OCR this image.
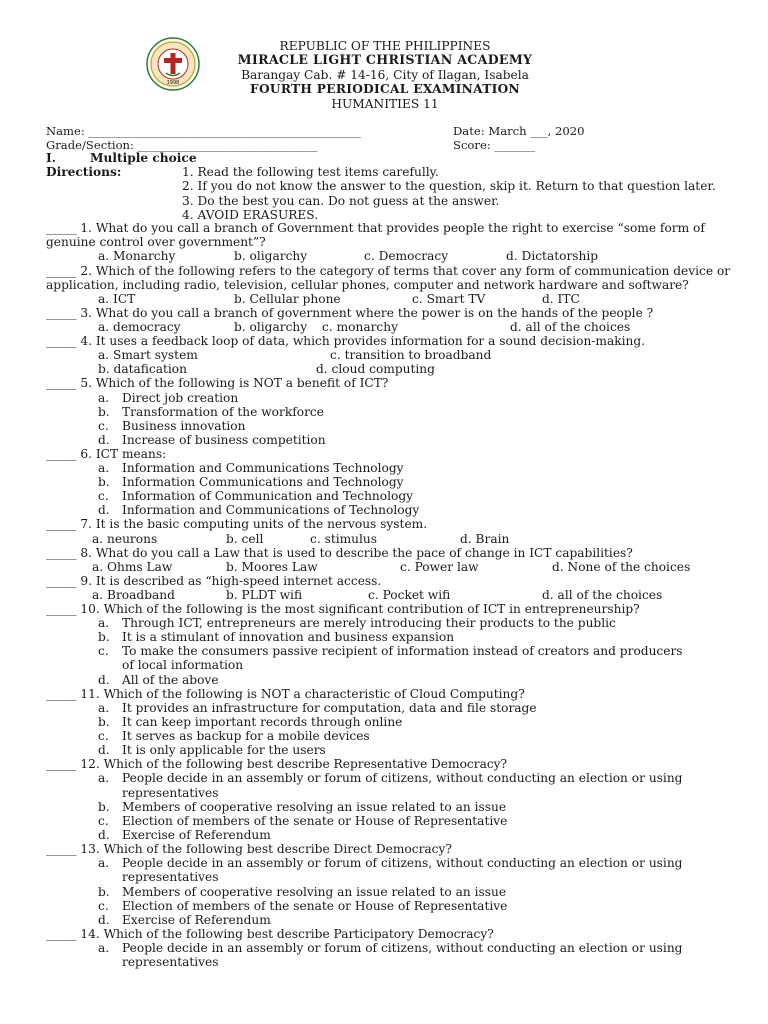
1998
REPUBLIC OF THE PHILIPPINES
MIRACLE LIGHT CHRISTIAN ACADEMY
Barangay Cab. # 14-16, City of Ilagan, Isabela
FOURTH PERIODICAL EXAMINATION
HUMANITIES 11
Name: _______________________________________________	Date: March ___, 2020
Grade/Section: _______________________________	Score: _______
I.	Multiple choice
Directions:	1. Read the following test items carefully.
2. If you do not know the answer to the question, skip it. Return to that question later.
3. Do the best you can. Do not guess at the answer.
4. AVOID ERASURES.
_____ 1. What do you call a branch of Government that provides people the right to exercise “some form of genuine control over government”?
a. Monarchy	b. oligarchy	c. Democracy	d. Dictatorship
_____ 2. Which of the following refers to the category of terms that cover any form of communication device or application, including radio, television, cellular phones, computer and network hardware and software?
a. ICT	b. Cellular phone	c. Smart TV	d. ITC
_____ 3. What do you call a branch of government where the power is on the hands of the people ?
a. democracy	b. oligarchy c. monarchy	d. all of the choices
_____ 4. It uses a feedback loop of data, which provides information for a sound decision-making.
a. Smart system	c. transition to broadband
b. datafication	d. cloud computing
_____ 5. Which of the following is NOT a benefit of ICT?
a.	Direct job creation
b.	Transformation of the workforce
c.	Business innovation
d.	Increase of business competition
_____ 6. ICT means:
a.	Information and Communications Technology
b.	Information Communications and Technology
c.	Information of Communication and Technology
d.	Information and Communications of Technology
_____ 7. It is the basic computing units of the nervous system.
a. neurons	b. cell	c. stimulus	d. Brain
_____ 8. What do you call a Law that is used to describe the pace of change in ICT capabilities?
a. Ohms Law	b. Moores Law	c. Power law	d. None of the choices
_____ 9. It is described as “high-speed internet access.
a. Broadband	b. PLDT wifi	c. Pocket wifi	d. all of the choices
_____ 10. Which of the following is the most significant contribution of ICT in entrepreneurship?
a.	Through ICT, entrepreneurs are merely introducing their products to the public
b.	It is a stimulant of innovation and business expansion
c.	To make the consumers passive recipient of information instead of creators and producers of local information
d.	All of the above
_____ 11. Which of the following is NOT a characteristic of Cloud Computing?
a.	It provides an infrastructure for computation, data and file storage
b.	It can keep important records through online
c.	It serves as backup for a mobile devices
d.	It is only applicable for the users
_____ 12. Which of the following best describe Representative Democracy?
a.	People decide in an assembly or forum of citizens, without conducting an election or using representatives
b.	Members of cooperative resolving an issue related to an issue
c.	Election of members of the senate or House of Representative
d.	Exercise of Referendum
_____ 13. Which of the following best describe Direct Democracy?
a.	People decide in an assembly or forum of citizens, without conducting an election or using representatives
b.	Members of cooperative resolving an issue related to an issue
c.	Election of members of the senate or House of Representative
d.	Exercise of Referendum
_____ 14. Which of the following best describe Participatory Democracy?
a.	People decide in an assembly or forum of citizens, without conducting an election or using representatives
